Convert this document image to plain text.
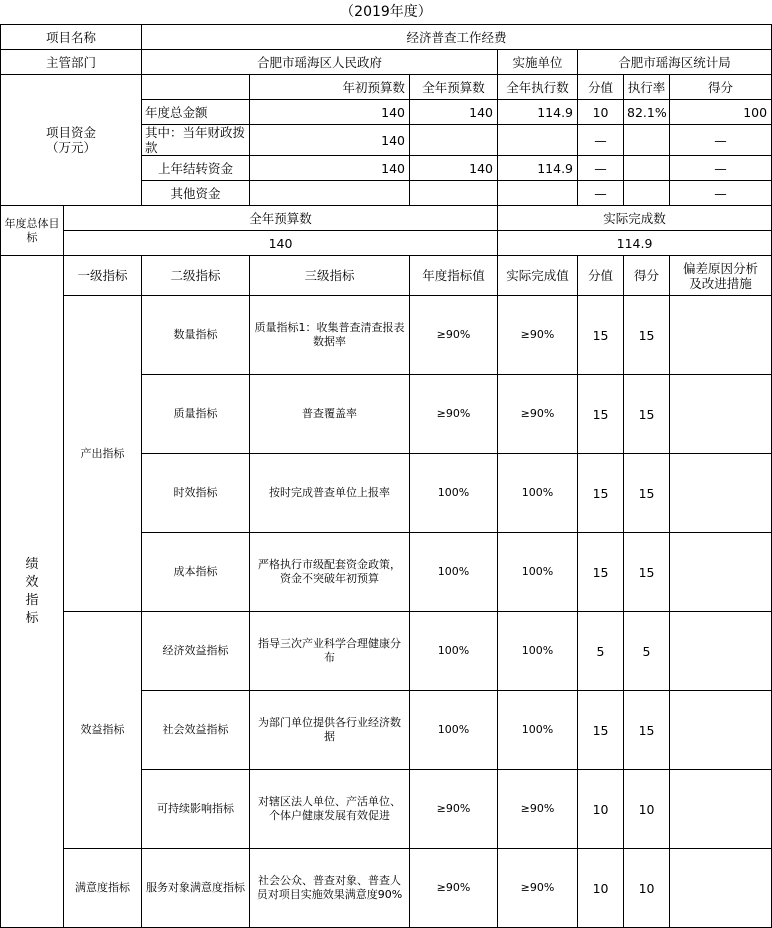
（2019年度）
项目名称		经济普查工作经费						
主管部门		合肥市瑶海区人民政府			实施单位	合肥市瑶海区统计局		

项目资金
（万元）			年初预算数	全年预算数	全年执行数	分值	执行率	得分
		年度总金额	140	140	114.9	10	82.1%	100
		其中：当年财政拨款	140			—		—
		上年结转资金	140	140	114.9	—		—
		其他资金				—		—
年度总体目标	全年预算数				实际完成数			
	140				114.9			

绩效指标	一级指标	二级指标	三级指标	年度指标值	实际完成值	分值	得分	偏差原因分析
及改进措施

	产出指标	数量指标	质量指标1：收集普查清查报表数据率	≥90%	≥90%	15	15	
		质量指标	普查覆盖率	≥90%	≥90%	15	15	
		时效指标	按时完成普查单位上报率	100%	100%	15	15	
		成本指标	严格执行市级配套资金政策，资金不突破年初预算	100%	100%	15	15	
	效益指标	经济效益指标	指导三次产业科学合理健康分布	100%	100%	5	5	
		社会效益指标	为部门单位提供各行业经济数据	100%	100%	15	15	
		可持续影响指标	对辖区法人单位、产活单位、个体户健康发展有效促进	≥90%	≥90%	10	10	
	满意度指标	服务对象满意度指标	社会公众、普查对象、普查人员对项目实施效果满意度90%	≥90%	≥90%	10	10	
